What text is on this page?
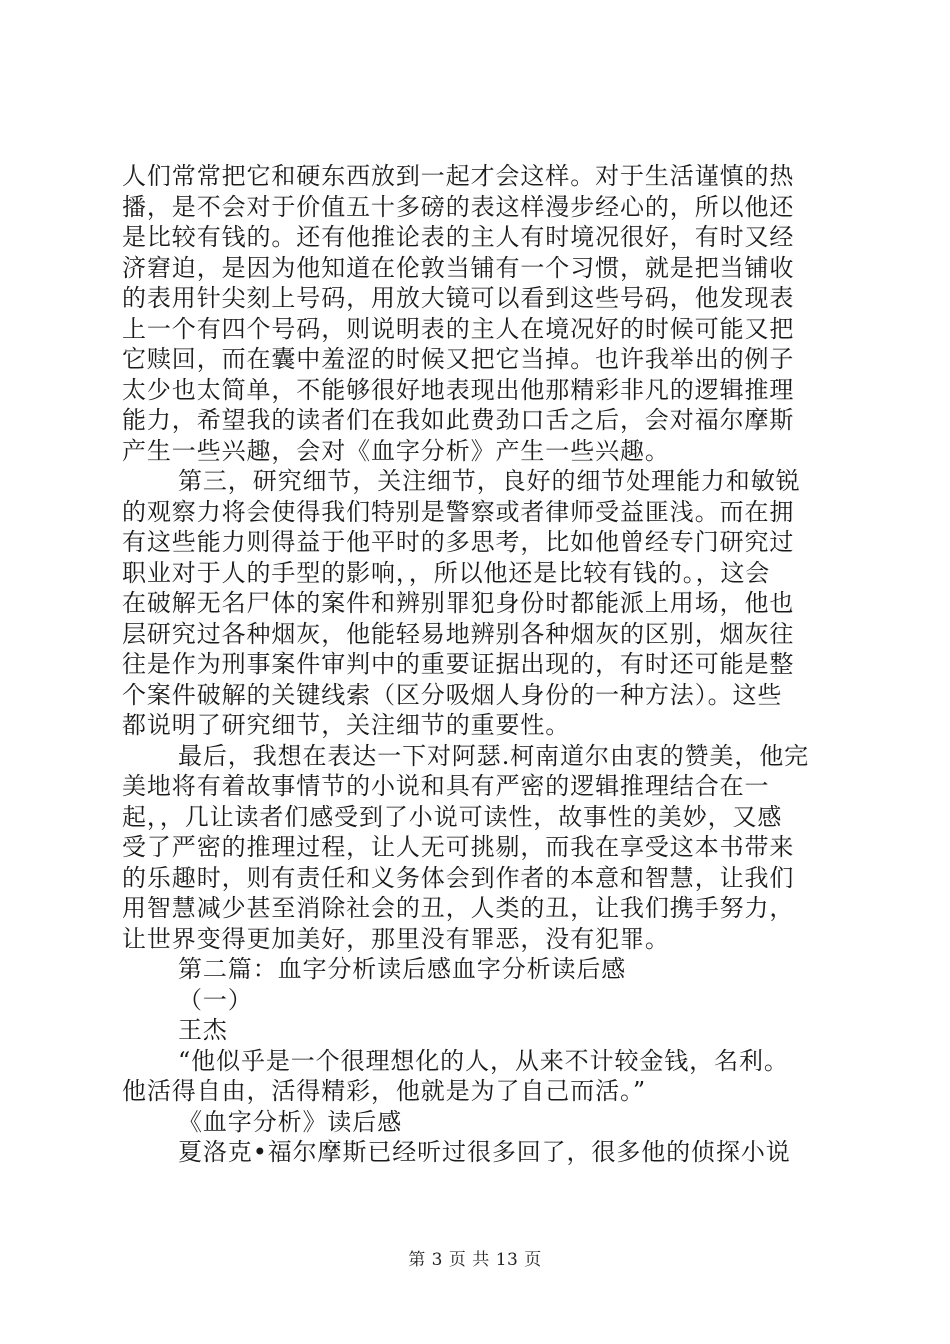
人们常常把它和硬东西放到一起才会这样。对于生活谨慎的热
播，是不会对于价值五十多磅的表这样漫步经心的，所以他还
是比较有钱的。还有他推论表的主人有时境况很好，有时又经
济窘迫，是因为他知道在伦敦当铺有一个习惯，就是把当铺收
的表用针尖刻上号码，用放大镜可以看到这些号码，他发现表
上一个有四个号码，则说明表的主人在境况好的时候可能又把
它赎回，而在囊中羞涩的时候又把它当掉。也许我举出的例子
太少也太简单，不能够很好地表现出他那精彩非凡的逻辑推理
能力，希望我的读者们在我如此费劲口舌之后，会对福尔摩斯
产生一些兴趣，会对《血字分析》产生一些兴趣。
第三，研究细节，关注细节，良好的细节处理能力和敏锐
的观察力将会使得我们特别是警察或者律师受益匪浅。而在拥
有这些能力则得益于他平时的多思考，比如他曾经专门研究过
职业对于人的手型的影响，，所以他还是比较有钱的。，这会
在破解无名尸体的案件和辨别罪犯身份时都能派上用场，他也
层研究过各种烟灰，他能轻易地辨别各种烟灰的区别，烟灰往
往是作为刑事案件审判中的重要证据出现的，有时还可能是整
个案件破解的关键线索（区分吸烟人身份的一种方法）。这些
都说明了研究细节，关注细节的重要性。
最后，我想在表达一下对阿瑟.柯南道尔由衷的赞美，他完
美地将有着故事情节的小说和具有严密的逻辑推理结合在一
起，，几让读者们感受到了小说可读性，故事性的美妙，又感
受了严密的推理过程，让人无可挑剔，而我在享受这本书带来
的乐趣时，则有责任和义务体会到作者的本意和智慧，让我们
用智慧减少甚至消除社会的丑，人类的丑，让我们携手努力，
让世界变得更加美好，那里没有罪恶，没有犯罪。
第二篇：血字分析读后感血字分析读后感
（一）
王杰
“他似乎是一个很理想化的人，从来不计较金钱，名利。
他活得自由，活得精彩，他就是为了自己而活。”
《血字分析》读后感
夏洛克•福尔摩斯已经听过很多回了，很多他的侦探小说
第 3 页 共 13 页
